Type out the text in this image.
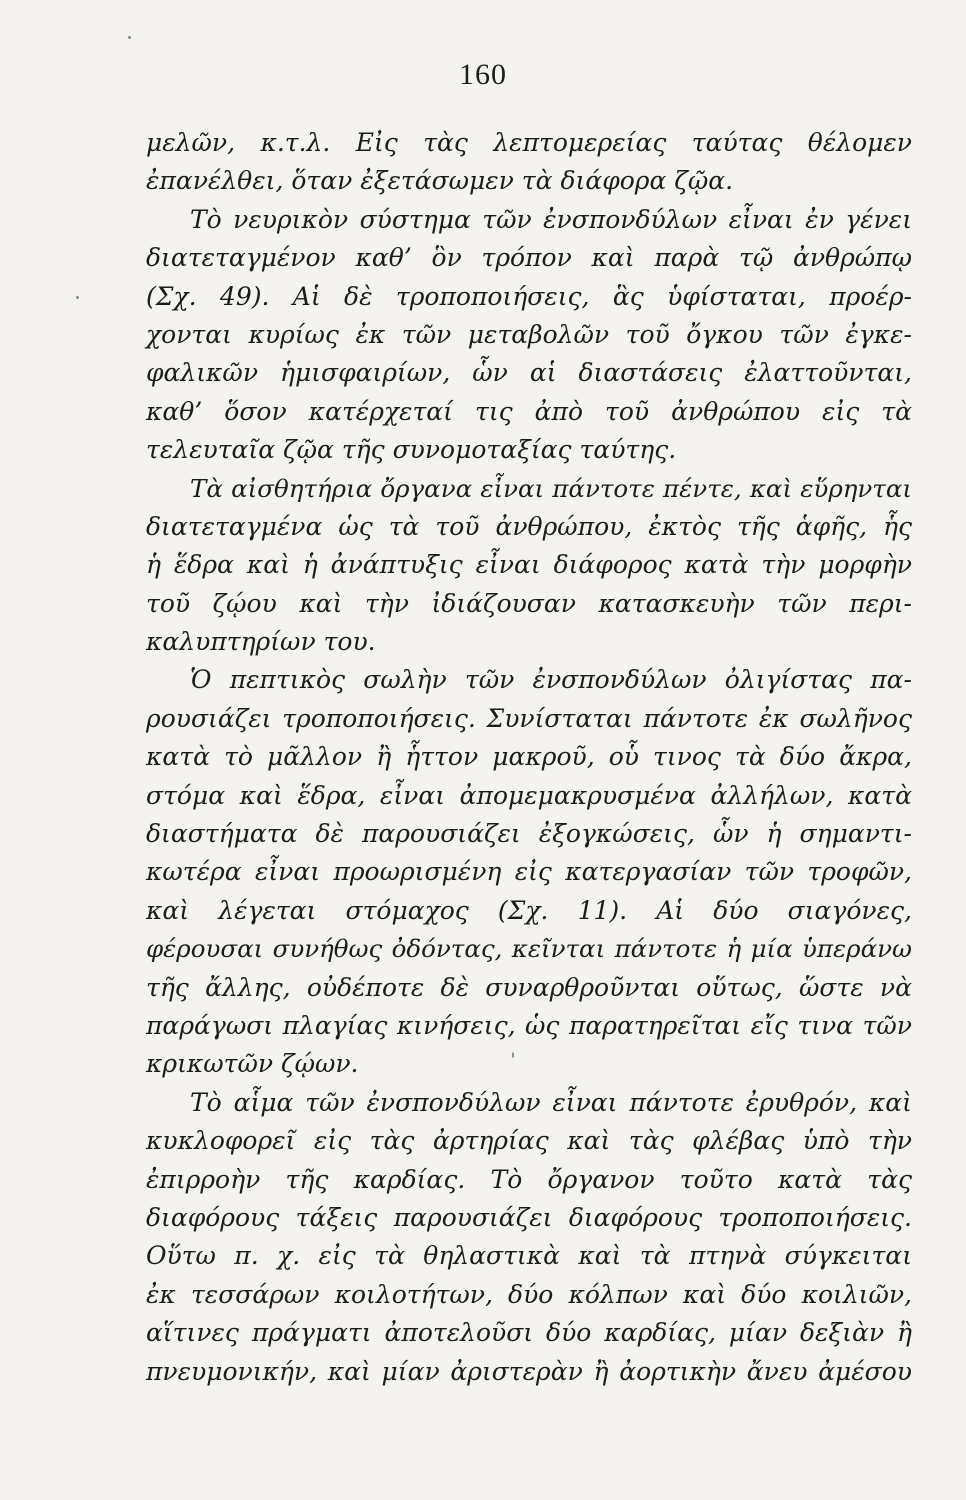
160
μελῶν, κ.τ.λ. Εἰς τὰς λεπτομερείας ταύτας θέλομεν
ἐπανέλθει, ὅταν ἐξετάσωμεν τὰ διάφορα ζῷα.
Τὸ νευρικὸν σύστημα τῶν ἐνσπονδύλων εἶναι ἐν γένει
διατεταγμένον καθ’ ὃν τρόπον καὶ παρὰ τῷ ἀνθρώπῳ
(Σχ. 49). Αἱ δὲ τροποποιήσεις, ἃς ὑφίσταται, προέρ-
χονται κυρίως ἐκ τῶν μεταβολῶν τοῦ ὄγκου τῶν ἐγκε-
φαλικῶν ἡμισφαιρίων, ὧν αἱ διαστάσεις ἐλαττοῦνται,
καθ’ ὅσον κατέρχεταί τις ἀπὸ τοῦ ἀνθρώπου εἰς τὰ
τελευταῖα ζῷα τῆς συνομοταξίας ταύτης.
Τὰ αἰσθητήρια ὄργανα εἶναι πάντοτε πέντε, καὶ εὕρηνται
διατεταγμένα ὡς τὰ τοῦ ἀνθρώπου, ἐκτὸς τῆς ἁφῆς, ἧς
ἡ ἕδρα καὶ ἡ ἀνάπτυξις εἶναι διάφορος κατὰ τὴν μορφὴν
τοῦ ζῴου καὶ τὴν ἰδιάζουσαν κατασκευὴν τῶν περι-
καλυπτηρίων του.
Ὁ πεπτικὸς σωλὴν τῶν ἐνσπονδύλων ὀλιγίστας πα-
ρουσιάζει τροποποιήσεις. Συνίσταται πάντοτε ἐκ σωλῆνος
κατὰ τὸ μᾶλλον ἢ ἧττον μακροῦ, οὗ τινος τὰ δύο ἄκρα,
στόμα καὶ ἕδρα, εἶναι ἀπομεμακρυσμένα ἀλλήλων, κατὰ
διαστήματα δὲ παρουσιάζει ἐξογκώσεις, ὧν ἡ σημαντι-
κωτέρα εἶναι προωρισμένη εἰς κατεργασίαν τῶν τροφῶν,
καὶ λέγεται στόμαχος (Σχ. 11). Αἱ δύο σιαγόνες,
φέρουσαι συνήθως ὀδόντας, κεῖνται πάντοτε ἡ μία ὑπεράνω
τῆς ἄλλης, οὐδέποτε δὲ συναρθροῦνται οὕτως, ὥστε νὰ
παράγωσι πλαγίας κινήσεις, ὡς παρατηρεῖται εἴς τινα τῶν
κρικωτῶν ζῴων.
Τὸ αἷμα τῶν ἐνσπονδύλων εἶναι πάντοτε ἐρυθρόν, καὶ
κυκλοφορεῖ εἰς τὰς ἀρτηρίας καὶ τὰς φλέβας ὑπὸ τὴν
ἐπιρροὴν τῆς καρδίας. Τὸ ὄργανον τοῦτο κατὰ τὰς
διαφόρους τάξεις παρουσιάζει διαφόρους τροποποιήσεις.
Οὕτω π. χ. εἰς τὰ θηλαστικὰ καὶ τὰ πτηνὰ σύγκειται
ἐκ τεσσάρων κοιλοτήτων, δύο κόλπων καὶ δύο κοιλιῶν,
αἵτινες πράγματι ἀποτελοῦσι δύο καρδίας, μίαν δεξιὰν ἢ
πνευμονικήν, καὶ μίαν ἀριστερὰν ἢ ἀορτικὴν ἄνευ ἀμέσου
